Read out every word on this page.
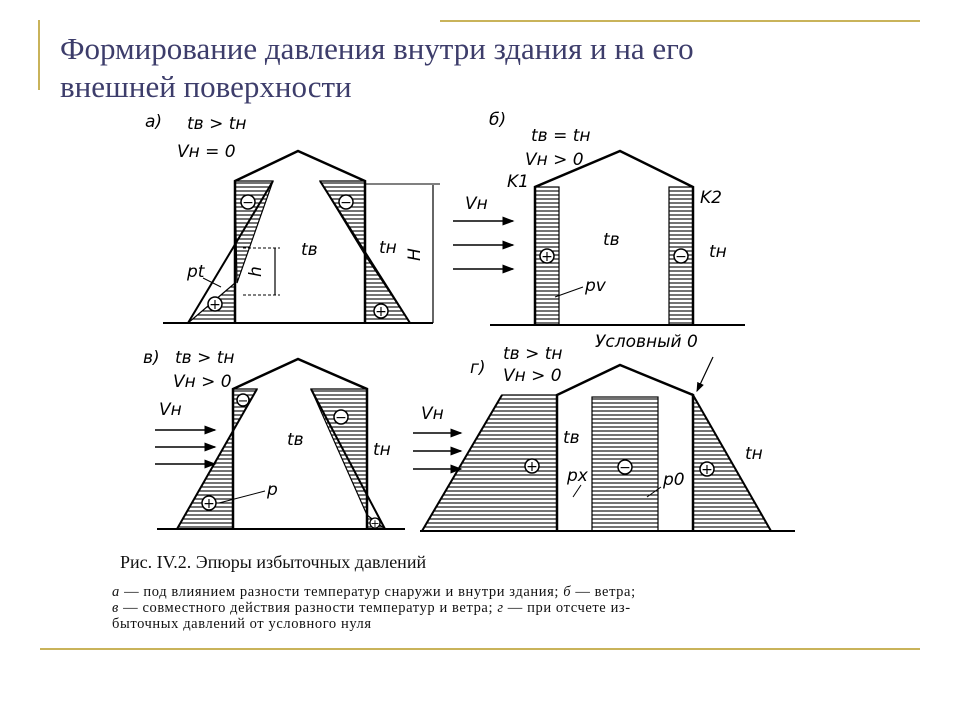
Формирование давления внутри здания и на его
внешней поверхности
а) tв > tн
Vн = 0
−	−
+	+
h
H
tв	tн
pt
б)
tв = tн
Vн > 0
+	−
Vн
K1
K2
tв
tн
pv
в) tв > tн
Vн > 0
−
−
+
+
Vн
tв	tн
p
г)
tв > tн
Vн > 0
Условный 0
+	−	+
Vн
tв
tн
px	p0
Рис. IV.2. Эпюры избыточных давлений
а — под влиянием разности температур снаружи и внутри здания; б — ветра;
в — совместного действия разности температур и ветра; г — при отсчете из-
быточных давлений от условного нуля
